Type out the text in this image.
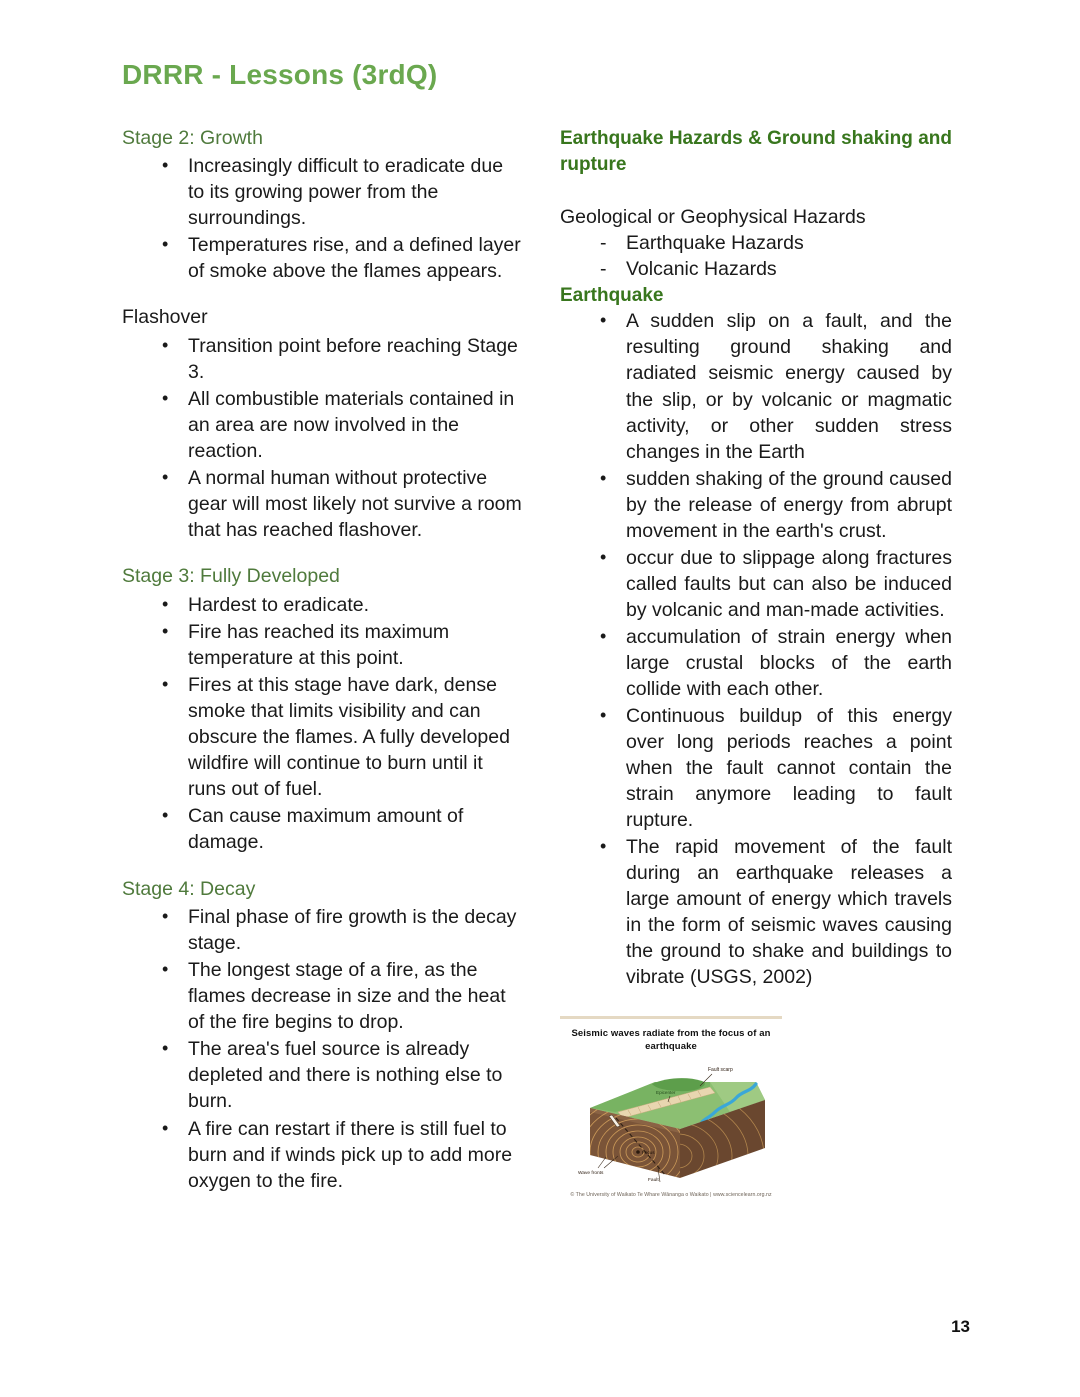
DRRR - Lessons (3rdQ)
Stage 2: Growth
• Increasingly difficult to eradicate due to its growing power from the surroundings.
• Temperatures rise, and a defined layer of smoke above the flames appears.
Flashover
• Transition point before reaching Stage 3.
• All combustible materials contained in an area are now involved in the reaction.
• A normal human without protective gear will most likely not survive a room that has reached flashover.
Stage 3: Fully Developed
• Hardest to eradicate.
• Fire has reached its maximum temperature at this point.
• Fires at this stage have dark, dense smoke that limits visibility and can obscure the flames. A fully developed wildfire will continue to burn until it runs out of fuel.
• Can cause maximum amount of damage.
Stage 4: Decay
• Final phase of fire growth is the decay stage.
• The longest stage of a fire, as the flames decrease in size and the heat of the fire begins to drop.
• The area's fuel source is already depleted and there is nothing else to burn.
• A fire can restart if there is still fuel to burn and if winds pick up to add more oxygen to the fire.
Earthquake Hazards & Ground shaking and rupture

Geological or Geophysical Hazards

- Earthquake Hazards
- Volcanic Hazards
Earthquake
• A sudden slip on a fault, and the resulting ground shaking and radiated seismic energy caused by the slip, or by volcanic or magmatic activity, or other sudden stress changes in the Earth
• sudden shaking of the ground caused by the release of energy from abrupt movement in the earth's crust.
• occur due to slippage along fractures called faults but can also be induced by volcanic and man-made activities.
• accumulation of strain energy when large crustal blocks of the earth collide with each other.
• Continuous buildup of this energy over long periods reaches a point when the fault cannot contain the strain anymore leading to fault rupture.
• The rapid movement of the fault during an earthquake releases a large amount of energy which travels in the form of seismic waves causing the ground to shake and buildings to vibrate (USGS, 2002)
Seismic waves radiate from the focus of an earthquake
Fault scarp
Epicenter
Focus
Wave fronts
Fault
© The University of Waikato Te Whare Wānanga o Waikato | www.sciencelearn.org.nz
13
